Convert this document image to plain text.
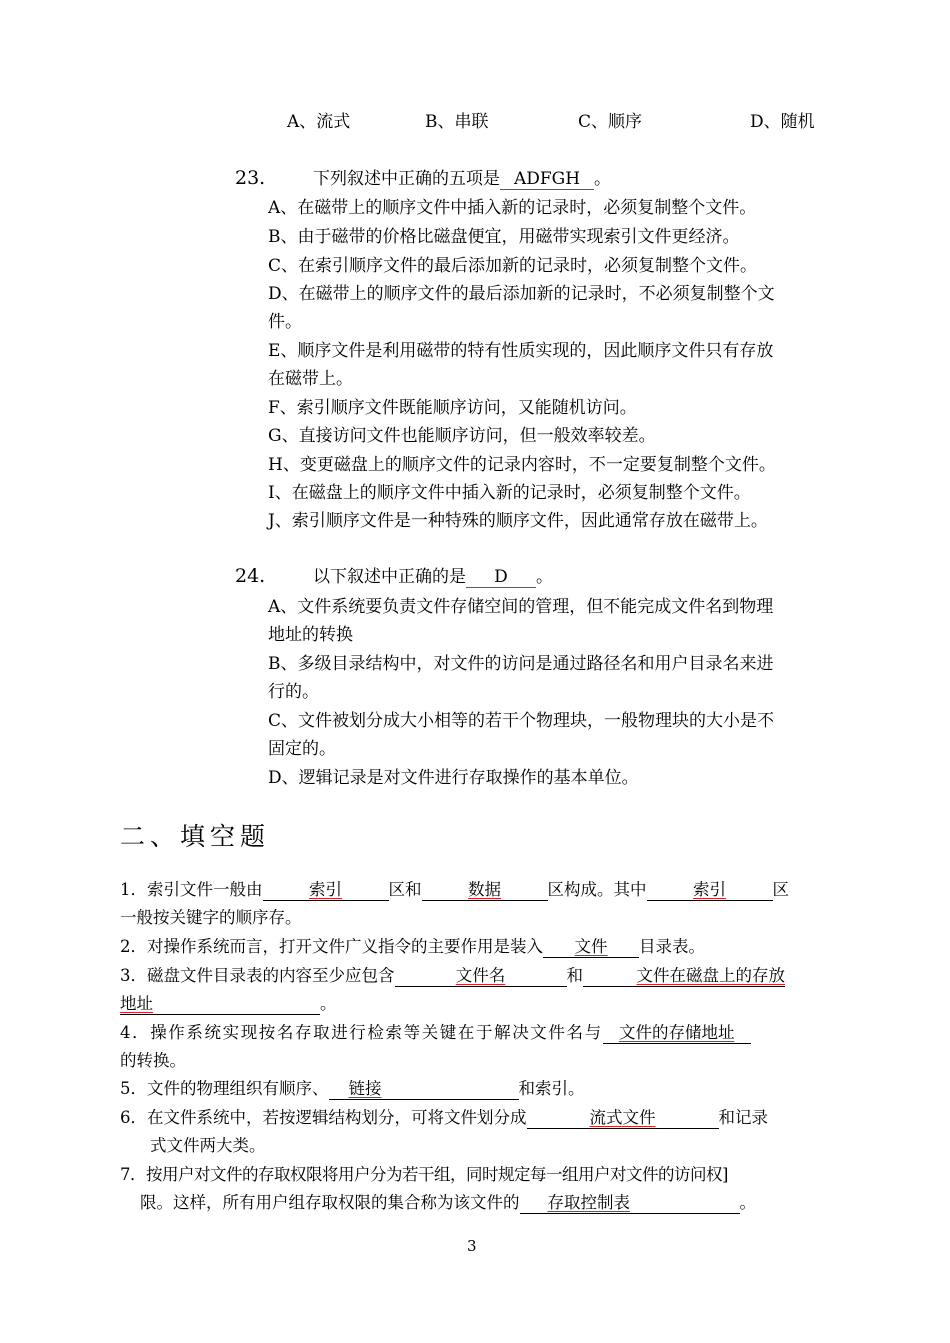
A、流式	B、串联	C、顺序	D、随机
23.	下列叙述中正确的五项是 ADFGH 。
A、在磁带上的顺序文件中插入新的记录时，必须复制整个文件。
B、由于磁带的价格比磁盘便宜，用磁带实现索引文件更经济。
C、在索引顺序文件的最后添加新的记录时，必须复制整个文件。
D、在磁带上的顺序文件的最后添加新的记录时，不必须复制整个文
件。
E、顺序文件是利用磁带的特有性质实现的，因此顺序文件只有存放
在磁带上。
F、索引顺序文件既能顺序访问，又能随机访问。
G、直接访问文件也能顺序访问，但一般效率较差。
H、变更磁盘上的顺序文件的记录内容时，不一定要复制整个文件。
I、在磁盘上的顺序文件中插入新的记录时，必须复制整个文件。
J、索引顺序文件是一种特殊的顺序文件，因此通常存放在磁带上。
24.	以下叙述中正确的是 D 。
A、文件系统要负责文件存储空间的管理，但不能完成文件名到物理
地址的转换
B、多级目录结构中，对文件的访问是通过路径名和用户目录名来进
行的。
C、文件被划分成大小相等的若干个物理块，一般物理块的大小是不
固定的。
D、逻辑记录是对文件进行存取操作的基本单位。
二、填空题
1．索引文件一般由	索引	区和	数据	区构成。其中	索引	区
一般按关键字的顺序存。
2．对操作系统而言，打开文件广义指令的主要作用是装入 文件 目录表。
3．磁盘文件目录表的内容至少应包含	文件名	和	文件在磁盘上的存放
地址	。
4．操作系统实现按名存取进行检索等关键在于解决文件名与 文件的存储地址
的转换。
5．文件的物理组织有顺序、 链接	和索引。
6．在文件系统中，若按逻辑结构划分，可将文件划分成	流式文件	和记录
式文件两大类。
7．按用户对文件的存取权限将用户分为若干组，同时规定每一组用户对文件的访问权]
限。这样，所有用户组存取权限的集合称为该文件的 存取控制表	。
3
